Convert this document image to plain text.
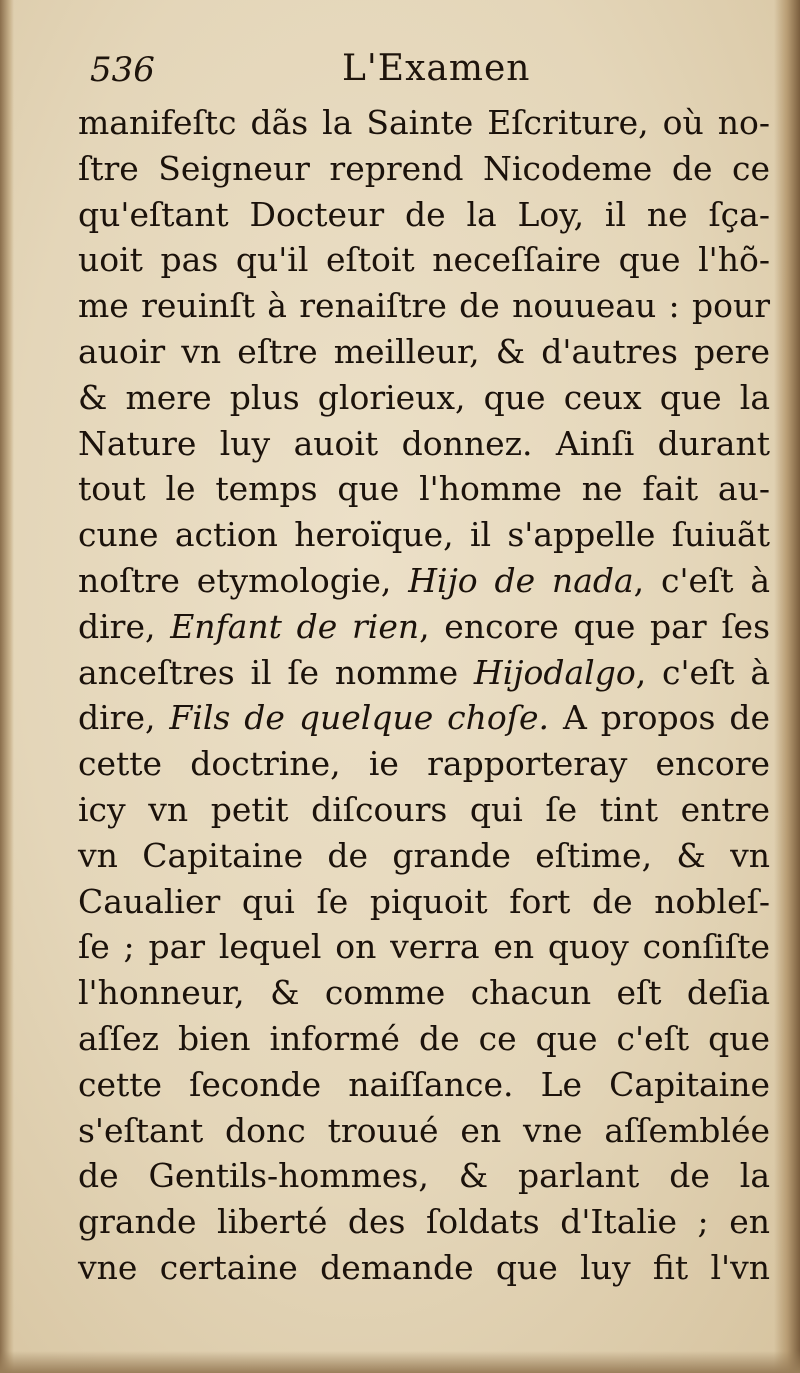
536	L'Examen
manifeſtc dãs la Sainte Eſcriture, où no-
ſtre Seigneur reprend Nicodeme de ce
qu'eſtant Docteur de la Loy, il ne ſça-
uoit pas qu'il eſtoit neceſſaire que l'hõ-
me reuinſt à renaiſtre de nouueau : pour
auoir vn eſtre meilleur, & d'autres pere
& mere plus glorieux, que ceux que la
Nature luy auoit donnez. Ainſi durant
tout le temps que l'homme ne fait au-
cune action heroïque, il s'appelle ſuiuãt
noſtre etymologie, Hijo de nada, c'eſt à
dire, Enfant de rien, encore que par ſes
anceſtres il ſe nomme Hijodalgo, c'eſt à
dire, Fils de quelque choſe. A propos de
cette doctrine, ie rapporteray encore
icy vn petit diſcours qui ſe tint entre
vn Capitaine de grande eſtime, & vn
Caualier qui ſe piquoit fort de nobleſ-
ſe ; par lequel on verra en quoy conſiſte
l'honneur, & comme chacun eſt deſia
aſſez bien informé de ce que c'eſt que
cette ſeconde naiſſance. Le Capitaine
s'eſtant donc trouué en vne aſſemblée
de Gentils-hommes, & parlant de la
grande liberté des ſoldats d'Italie ; en
vne certaine demande que luy fit l'vn
